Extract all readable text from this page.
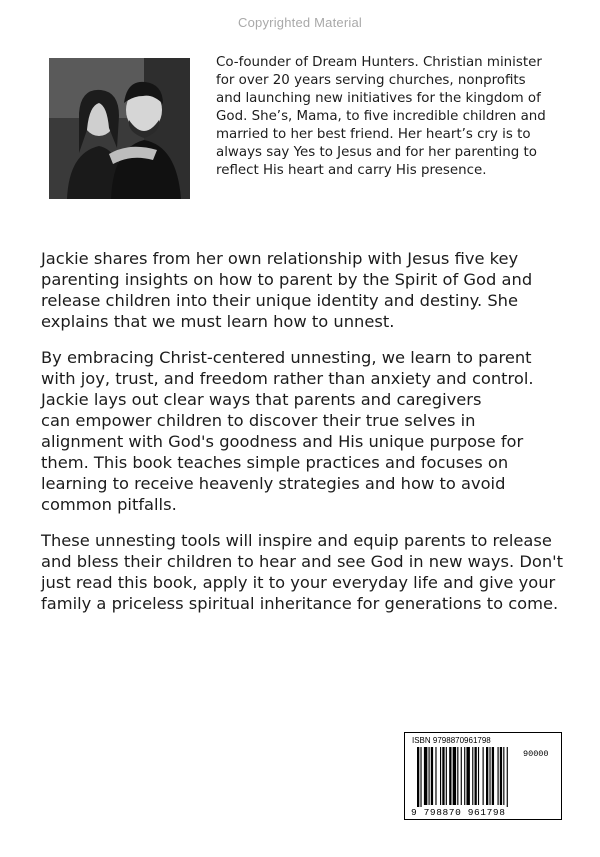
Copyrighted Material

Co-founder of Dream Hunters. Christian minister
for over 20 years serving churches, nonprofits
and launching new initiatives for the kingdom of
God. She’s, Mama, to five incredible children and
married to her best friend. Her heart’s cry is to
always say Yes to Jesus and for her parenting to
reflect His heart and carry His presence.

Jackie shares from her own relationship with Jesus five key
parenting insights on how to parent by the Spirit of God and
release children into their unique identity and destiny. She
explains that we must learn how to unnest.

By embracing Christ-centered unnesting, we learn to parent
with joy, trust, and freedom rather than anxiety and control.
Jackie lays out clear ways that parents and caregivers
can empower children to discover their true selves in
alignment with God's goodness and His unique purpose for
them. This book teaches simple practices and focuses on
learning to receive heavenly strategies and how to avoid
common pitfalls.

These unnesting tools will inspire and equip parents to release
and bless their children to hear and see God in new ways. Don't
just read this book, apply it to your everyday life and give your
family a priceless spiritual inheritance for generations to come.

ISBN 9798870961798
90000
9 798870 961798
